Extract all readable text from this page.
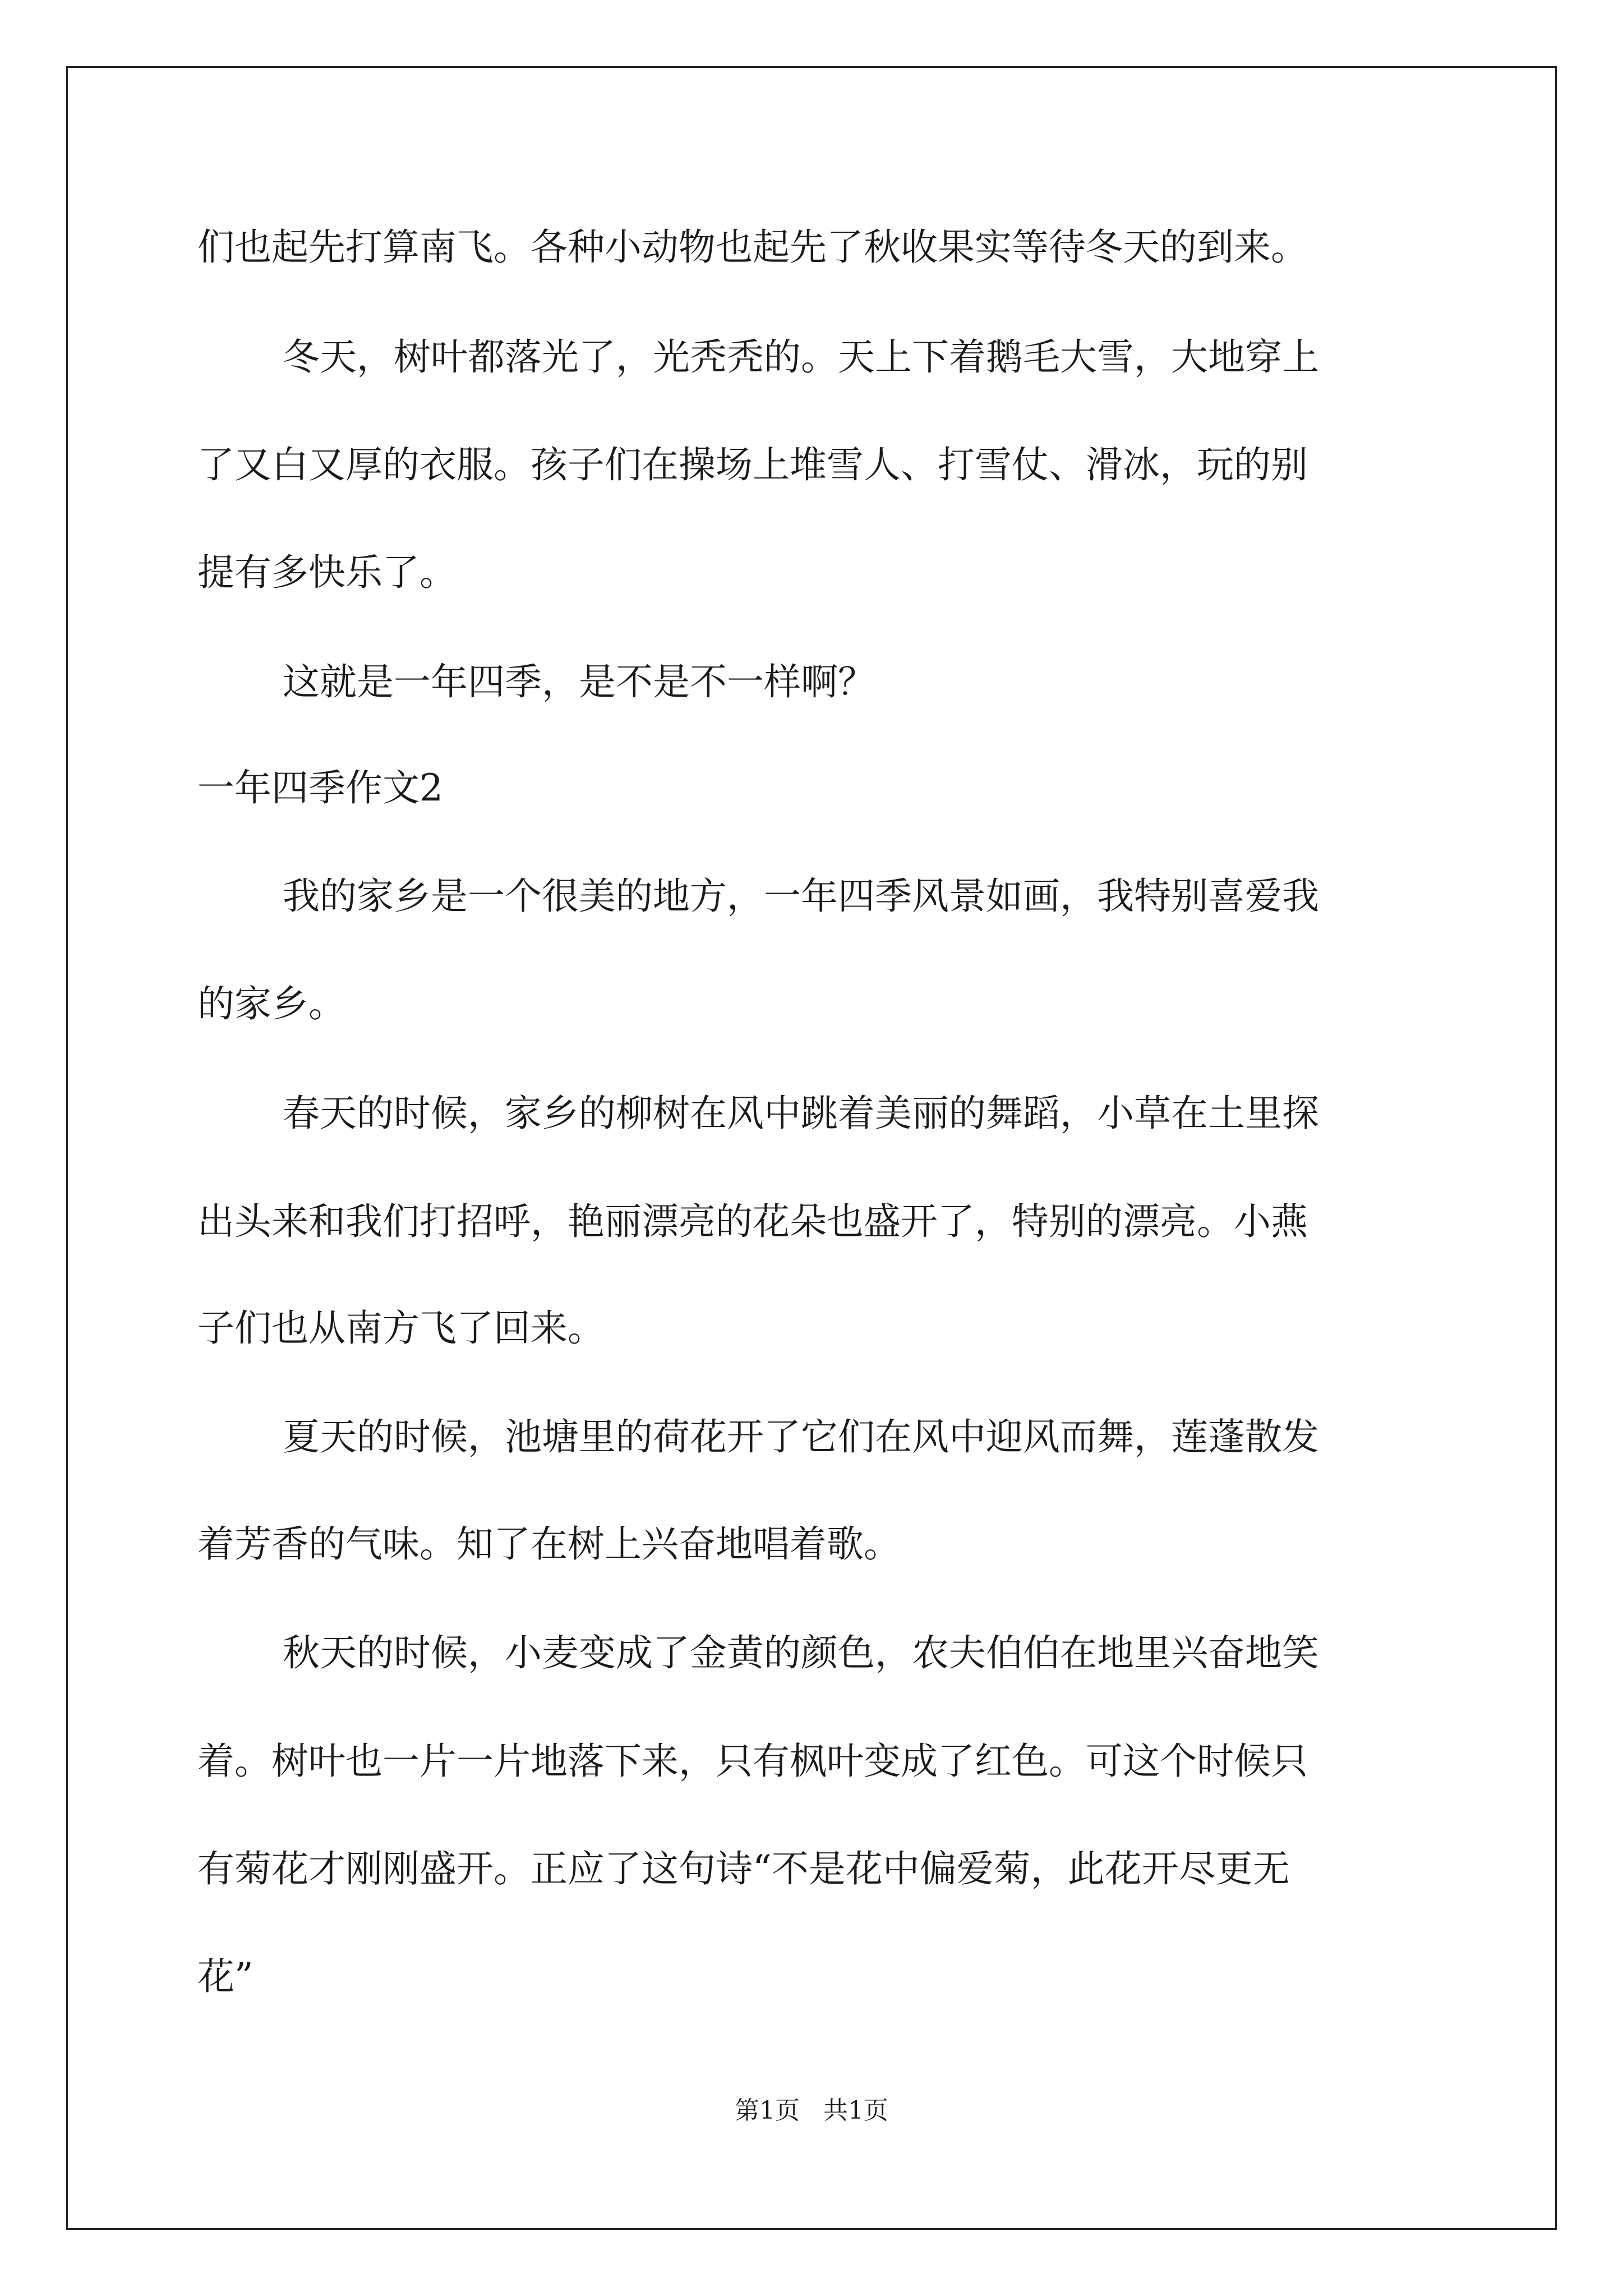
们也起先打算南飞。各种小动物也起先了秋收果实等待冬天的到来。
冬天，树叶都落光了，光秃秃的。天上下着鹅毛大雪，大地穿上
了又白又厚的衣服。孩子们在操场上堆雪人、打雪仗、滑冰，玩的别
提有多快乐了。
这就是一年四季，是不是不一样啊？
一年四季作文2
我的家乡是一个很美的地方，一年四季风景如画，我特别喜爱我
的家乡。
春天的时候，家乡的柳树在风中跳着美丽的舞蹈，小草在土里探
出头来和我们打招呼，艳丽漂亮的花朵也盛开了，特别的漂亮。小燕
子们也从南方飞了回来。
夏天的时候，池塘里的荷花开了它们在风中迎风而舞，莲蓬散发
着芳香的气味。知了在树上兴奋地唱着歌。
秋天的时候，小麦变成了金黄的颜色，农夫伯伯在地里兴奋地笑
着。树叶也一片一片地落下来，只有枫叶变成了红色。可这个时候只
有菊花才刚刚盛开。正应了这句诗“不是花中偏爱菊，此花开尽更无
花”
第1页 共1页
